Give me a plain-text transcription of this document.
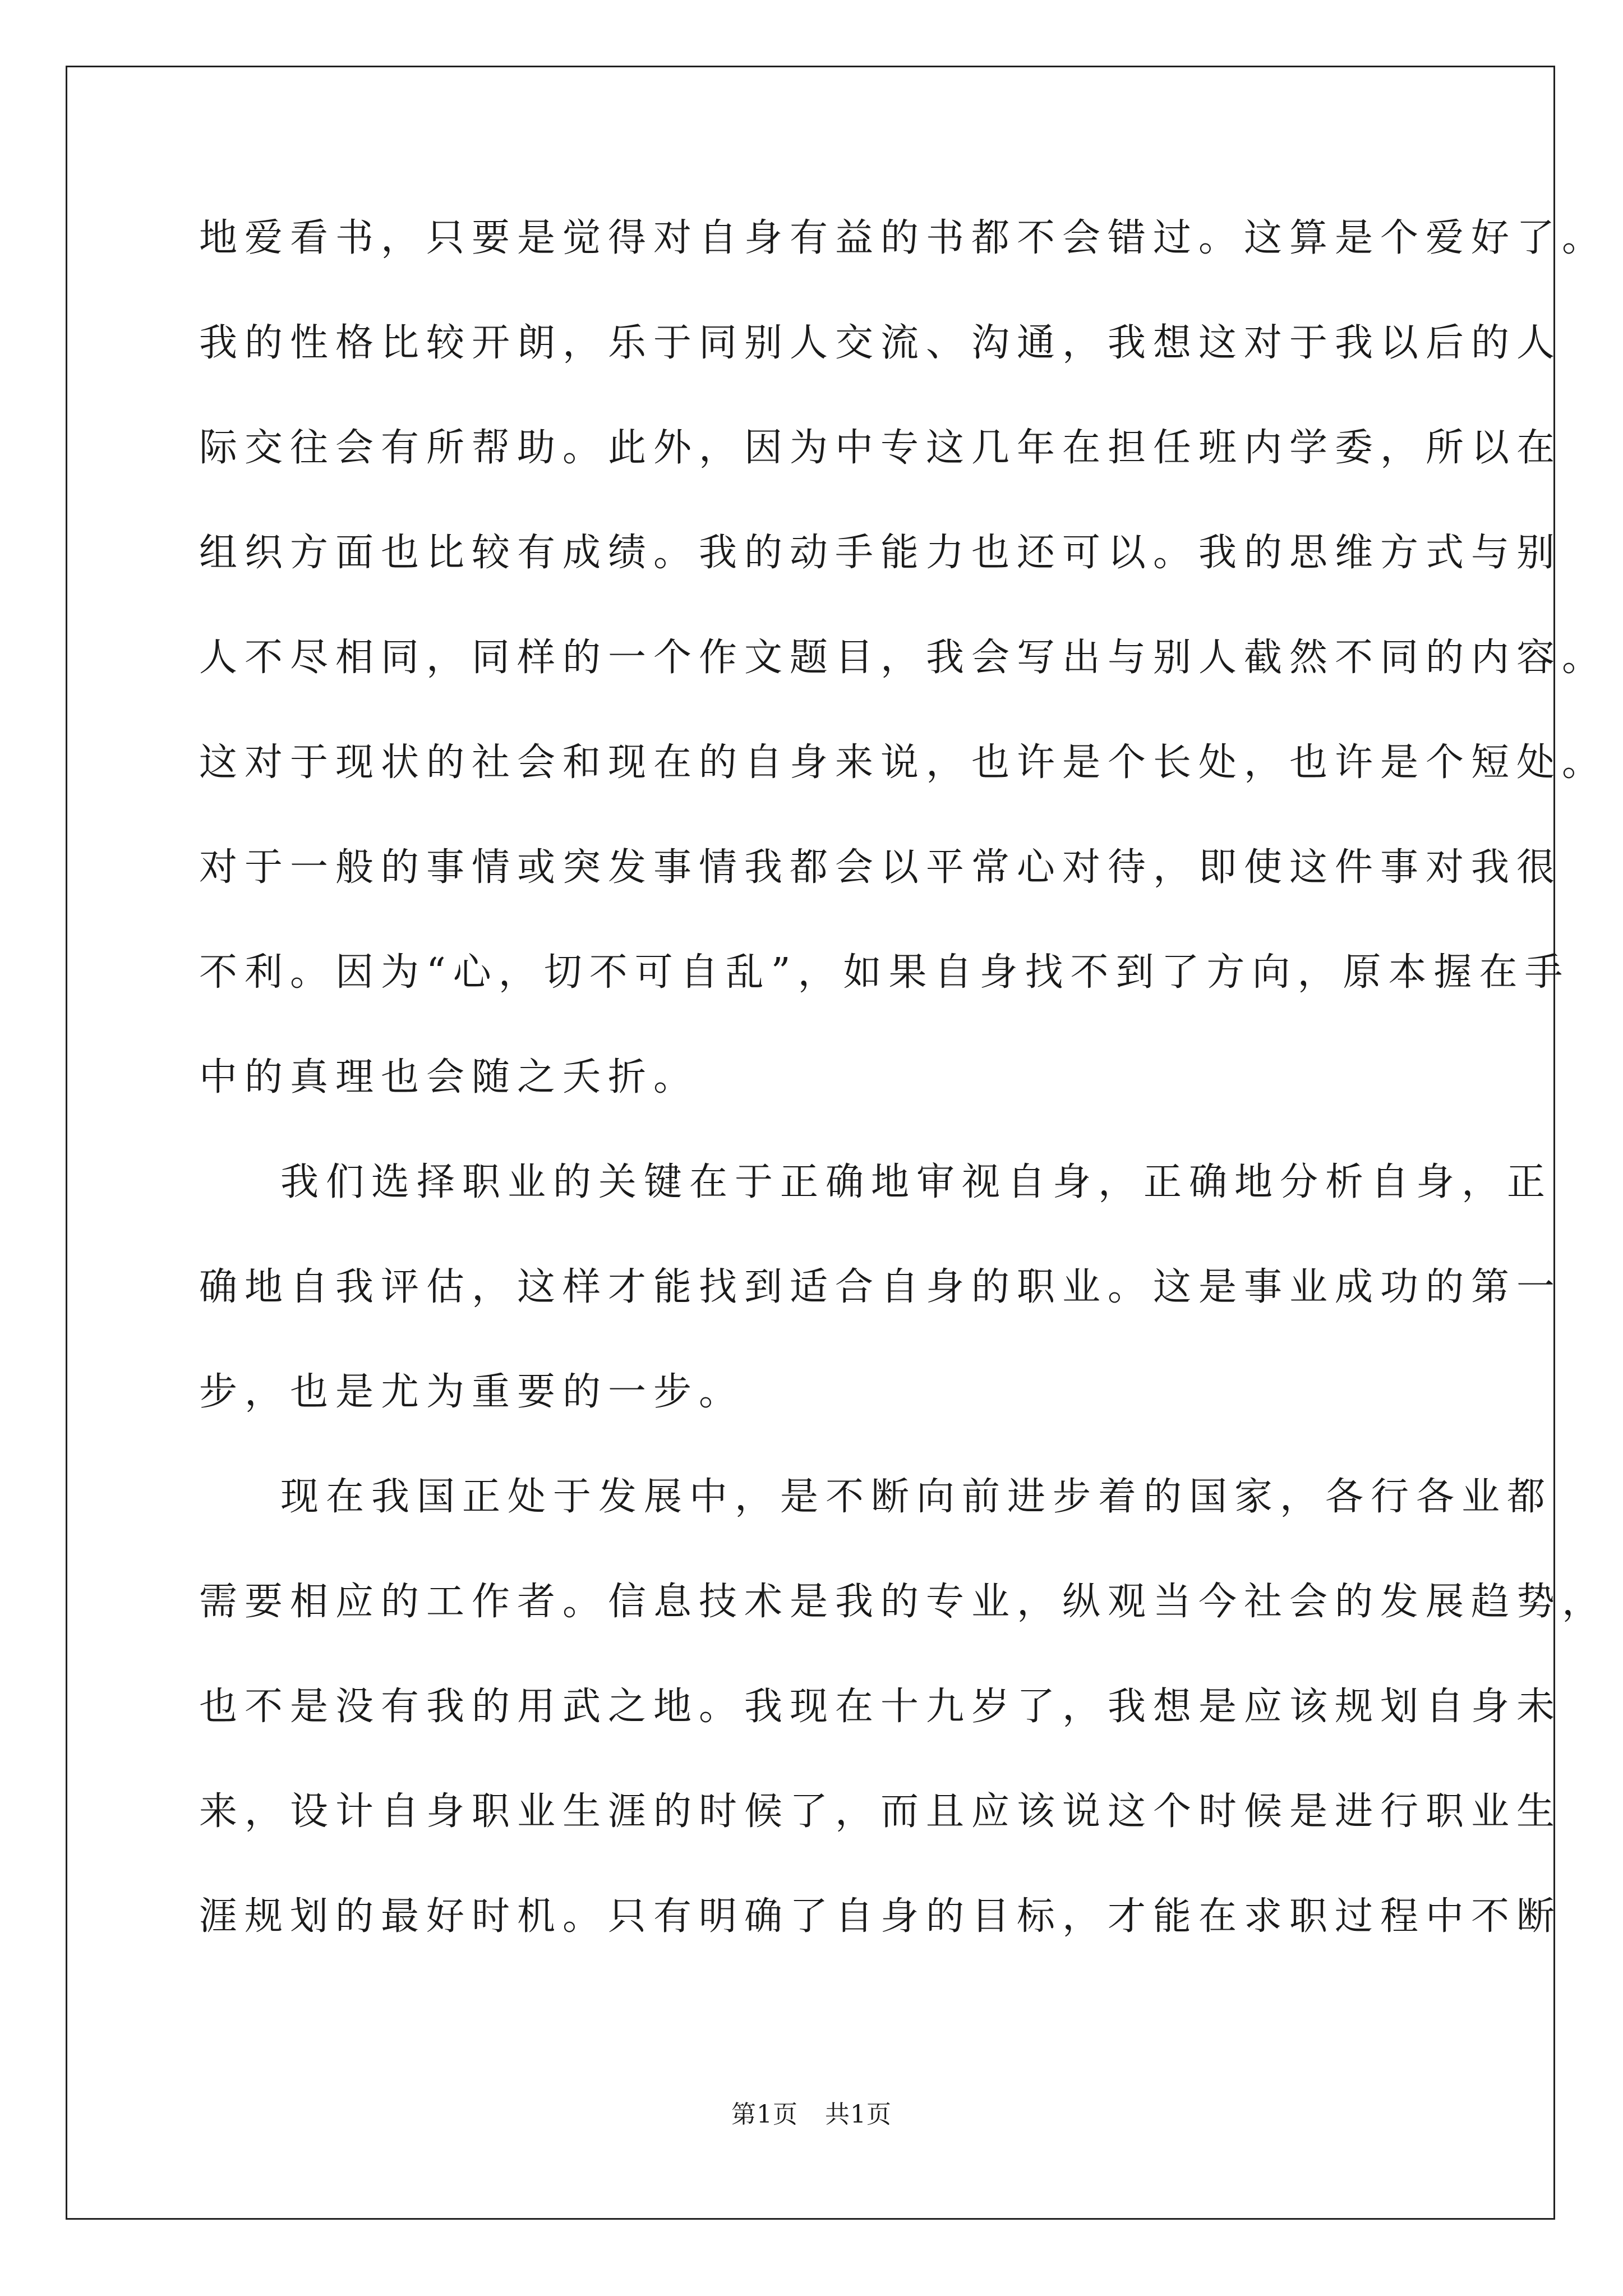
地爱看书，只要是觉得对自身有益的书都不会错过。这算是个爱好了。
我的性格比较开朗，乐于同别人交流、沟通，我想这对于我以后的人
际交往会有所帮助。此外，因为中专这几年在担任班内学委，所以在
组织方面也比较有成绩。我的动手能力也还可以。我的思维方式与别
人不尽相同，同样的一个作文题目，我会写出与别人截然不同的内容。
这对于现状的社会和现在的自身来说，也许是个长处，也许是个短处。
对于一般的事情或突发事情我都会以平常心对待，即使这件事对我很
不利。因为“心，切不可自乱”，如果自身找不到了方向，原本握在手
中的真理也会随之夭折。
我们选择职业的关键在于正确地审视自身，正确地分析自身，正
确地自我评估，这样才能找到适合自身的职业。这是事业成功的第一
步，也是尤为重要的一步。
现在我国正处于发展中，是不断向前进步着的国家，各行各业都
需要相应的工作者。信息技术是我的专业，纵观当今社会的发展趋势，
也不是没有我的用武之地。我现在十九岁了，我想是应该规划自身未
来，设计自身职业生涯的时候了，而且应该说这个时候是进行职业生
涯规划的最好时机。只有明确了自身的目标，才能在求职过程中不断
第1页 共1页
